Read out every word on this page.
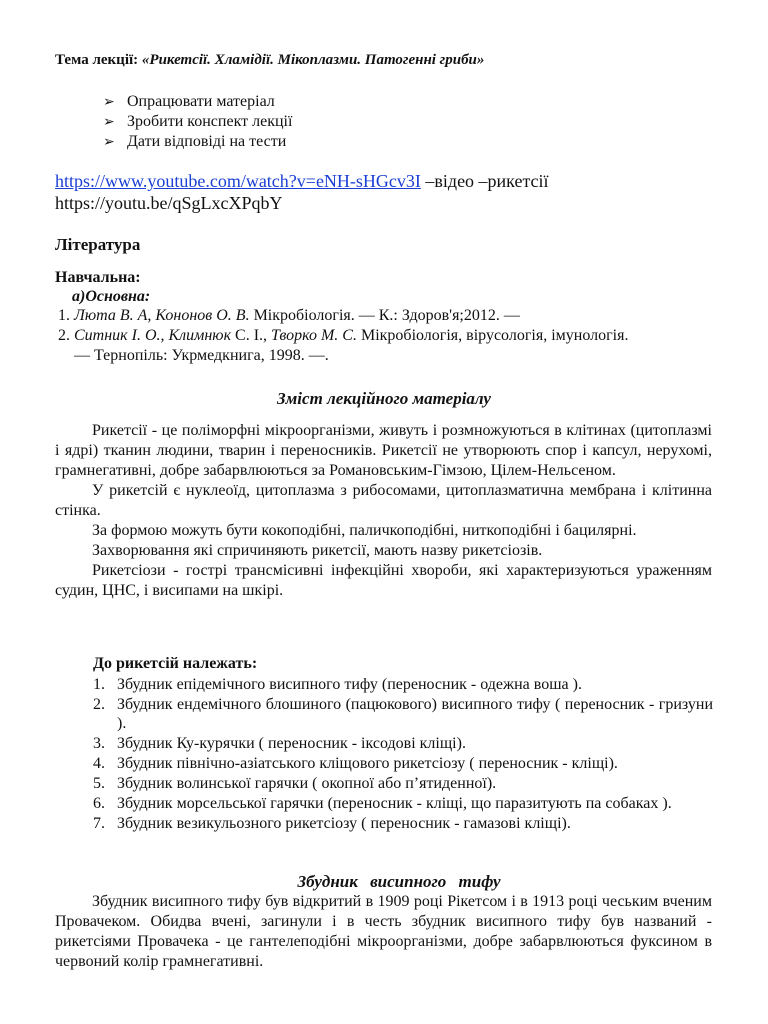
Тема лекції: «Рикетсії. Хламідії. Мікоплазми. Патогенні гриби»
➢ Опрацювати матеріал
➢ Зробити конспект лекції
➢ Дати відповіді на тести
https://www.youtube.com/watch?v=eNH-sHGcv3I –відео –рикетсії
https://youtu.be/qSgLxcXPqbY
Література
Навчальна:
а)Основна:
1. Люта В. А, Кононов О. В. Мікробіологія. — К.: Здоров'я;2012. —
2. Ситник І. О., Климнюк С. І., Творко М. С. Мікробіологія, вірусологія, імунологія.
— Тернопіль: Укрмедкнига, 1998. —.
Зміст лекційного матеріалу

Рикетсії - це поліморфні мікроорганізми, живуть і розмножуються в клітинах (цитоплазмі і ядрі) тканин людини, тварин і переносників. Рикетсії не утворюють спор і капсул, нерухомі, грамнегативні, добре забарвлюються за Романовським-Гімзою, Цілем-Нельсеном.

У рикетсій є нуклеоїд, цитоплазма з рибосомами, цитоплазматична мембрана і клітинна стінка.

За формою можуть бути кокоподібні, паличкоподібні, ниткоподібні і бацилярні.

Захворювання які спричиняють рикетсії, мають назву рикетсіозів.

Рикетсіози - гострі трансмісивні інфекційні хвороби, які характеризуються ураженням судин, ЦНС, і висипами на шкірі.

До рикетсій належать:
1. Збудник епідемічного висипного тифу (переносник - одежна воша ).
2. Збудник ендемічного блошиного (пацюкового) висипного тифу ( переносник - гризуни ).
3. Збудник Ку-курячки ( переносник - іксодові кліщі).
4. Збудник північно-азіатського кліщового рикетсіозу ( переносник - кліщі).
5. Збудник волинської гарячки ( окопної або п’ятиденної).
6. Збудник морсельської гарячки (переносник - кліщі, що паразитують па собаках ).
7. Збудник везикульозного рикетсіозу ( переносник - гамазові кліщі).
Збудник висипного тифу

Збудник висипного тифу був відкритий в 1909 році Рікетсом і в 1913 році чеським вченим Провачеком. Обидва вчені, загинули і в честь збудник висипного тифу був названий - рикетсіями Провачека - це гантелеподібні мікроорганізми, добре забарвлюються фуксином в червоний колір грамнегативні.
